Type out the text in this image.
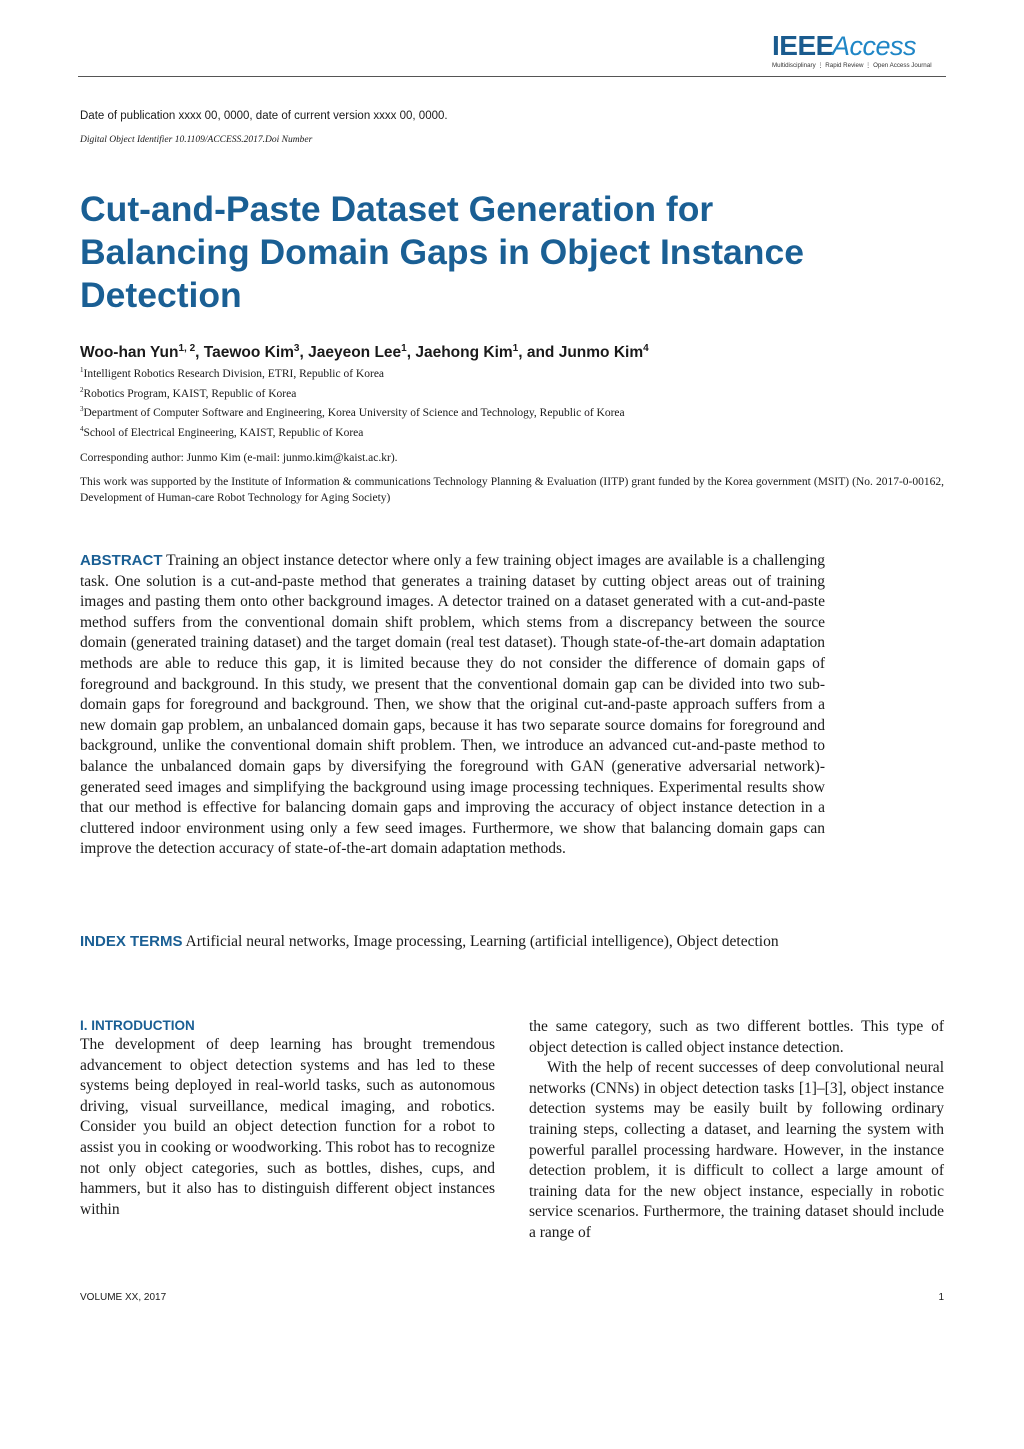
IEEE
Access
Multidisciplinary ⋮ Rapid Review ⋮ Open Access Journal
Date of publication xxxx 00, 0000, date of current version xxxx 00, 0000.
Digital Object Identifier 10.1109/ACCESS.2017.Doi Number
Cut-and-Paste Dataset Generation for
Balancing Domain Gaps in Object Instance
Detection
Woo-han Yun$^{1, 2}$, Taewoo Kim$^3$, Jaeyeon Lee$^1$, Jaehong Kim$^1$, and Junmo Kim$^4$
$^1$Intelligent Robotics Research Division, ETRI, Republic of Korea
$^2$Robotics Program, KAIST, Republic of Korea
$^3$Department of Computer Software and Engineering, Korea University of Science and Technology, Republic of Korea
$^4$School of Electrical Engineering, KAIST, Republic of Korea
Corresponding author: Junmo Kim (e-mail: junmo.kim@kaist.ac.kr).
This work was supported by the Institute of Information & communications Technology Planning & Evaluation (IITP) grant funded by the Korea government (MSIT) (No. 2017-0-00162, Development of Human-care Robot Technology for Aging Society)
ABSTRACT Training an object instance detector where only a few training object images are available is a challenging task. One solution is a cut-and-paste method that generates a training dataset by cutting object areas out of training images and pasting them onto other background images. A detector trained on a dataset generated with a cut-and-paste method suffers from the conventional domain shift problem, which stems from a discrepancy between the source domain (generated training dataset) and the target domain (real test dataset). Though state-of-the-art domain adaptation methods are able to reduce this gap, it is limited because they do not consider the difference of domain gaps of foreground and background. In this study, we present that the conventional domain gap can be divided into two sub-domain gaps for foreground and background. Then, we show that the original cut-and-paste approach suffers from a new domain gap problem, an unbalanced domain gaps, because it has two separate source domains for foreground and background, unlike the conventional domain shift problem. Then, we introduce an advanced cut-and-paste method to balance the unbalanced domain gaps by diversifying the foreground with GAN (generative adversarial network)-generated seed images and simplifying the background using image processing techniques. Experimental results show that our method is effective for balancing domain gaps and improving the accuracy of object instance detection in a cluttered indoor environment using only a few seed images. Furthermore, we show that balancing domain gaps can improve the detection accuracy of state-of-the-art domain adaptation methods.
INDEX TERMS Artificial neural networks, Image processing, Learning (artificial intelligence), Object detection
I. INTRODUCTION
The development of deep learning has brought tremendous advancement to object detection systems and has led to these systems being deployed in real-world tasks, such as autonomous driving, visual surveillance, medical imaging, and robotics. Consider you build an object detection function for a robot to assist you in cooking or woodworking. This robot has to recognize not only object categories, such as bottles, dishes, cups, and hammers, but it also has to distinguish different object instances within
the same category, such as two different bottles. This type of object detection is called object instance detection.
With the help of recent successes of deep convolutional neural networks (CNNs) in object detection tasks [1]–[3], object instance detection systems may be easily built by following ordinary training steps, collecting a dataset, and learning the system with powerful parallel processing hardware. However, in the instance detection problem, it is difficult to collect a large amount of training data for the new object instance, especially in robotic service scenarios. Furthermore, the training dataset should include a range of
VOLUME XX, 2017	1
